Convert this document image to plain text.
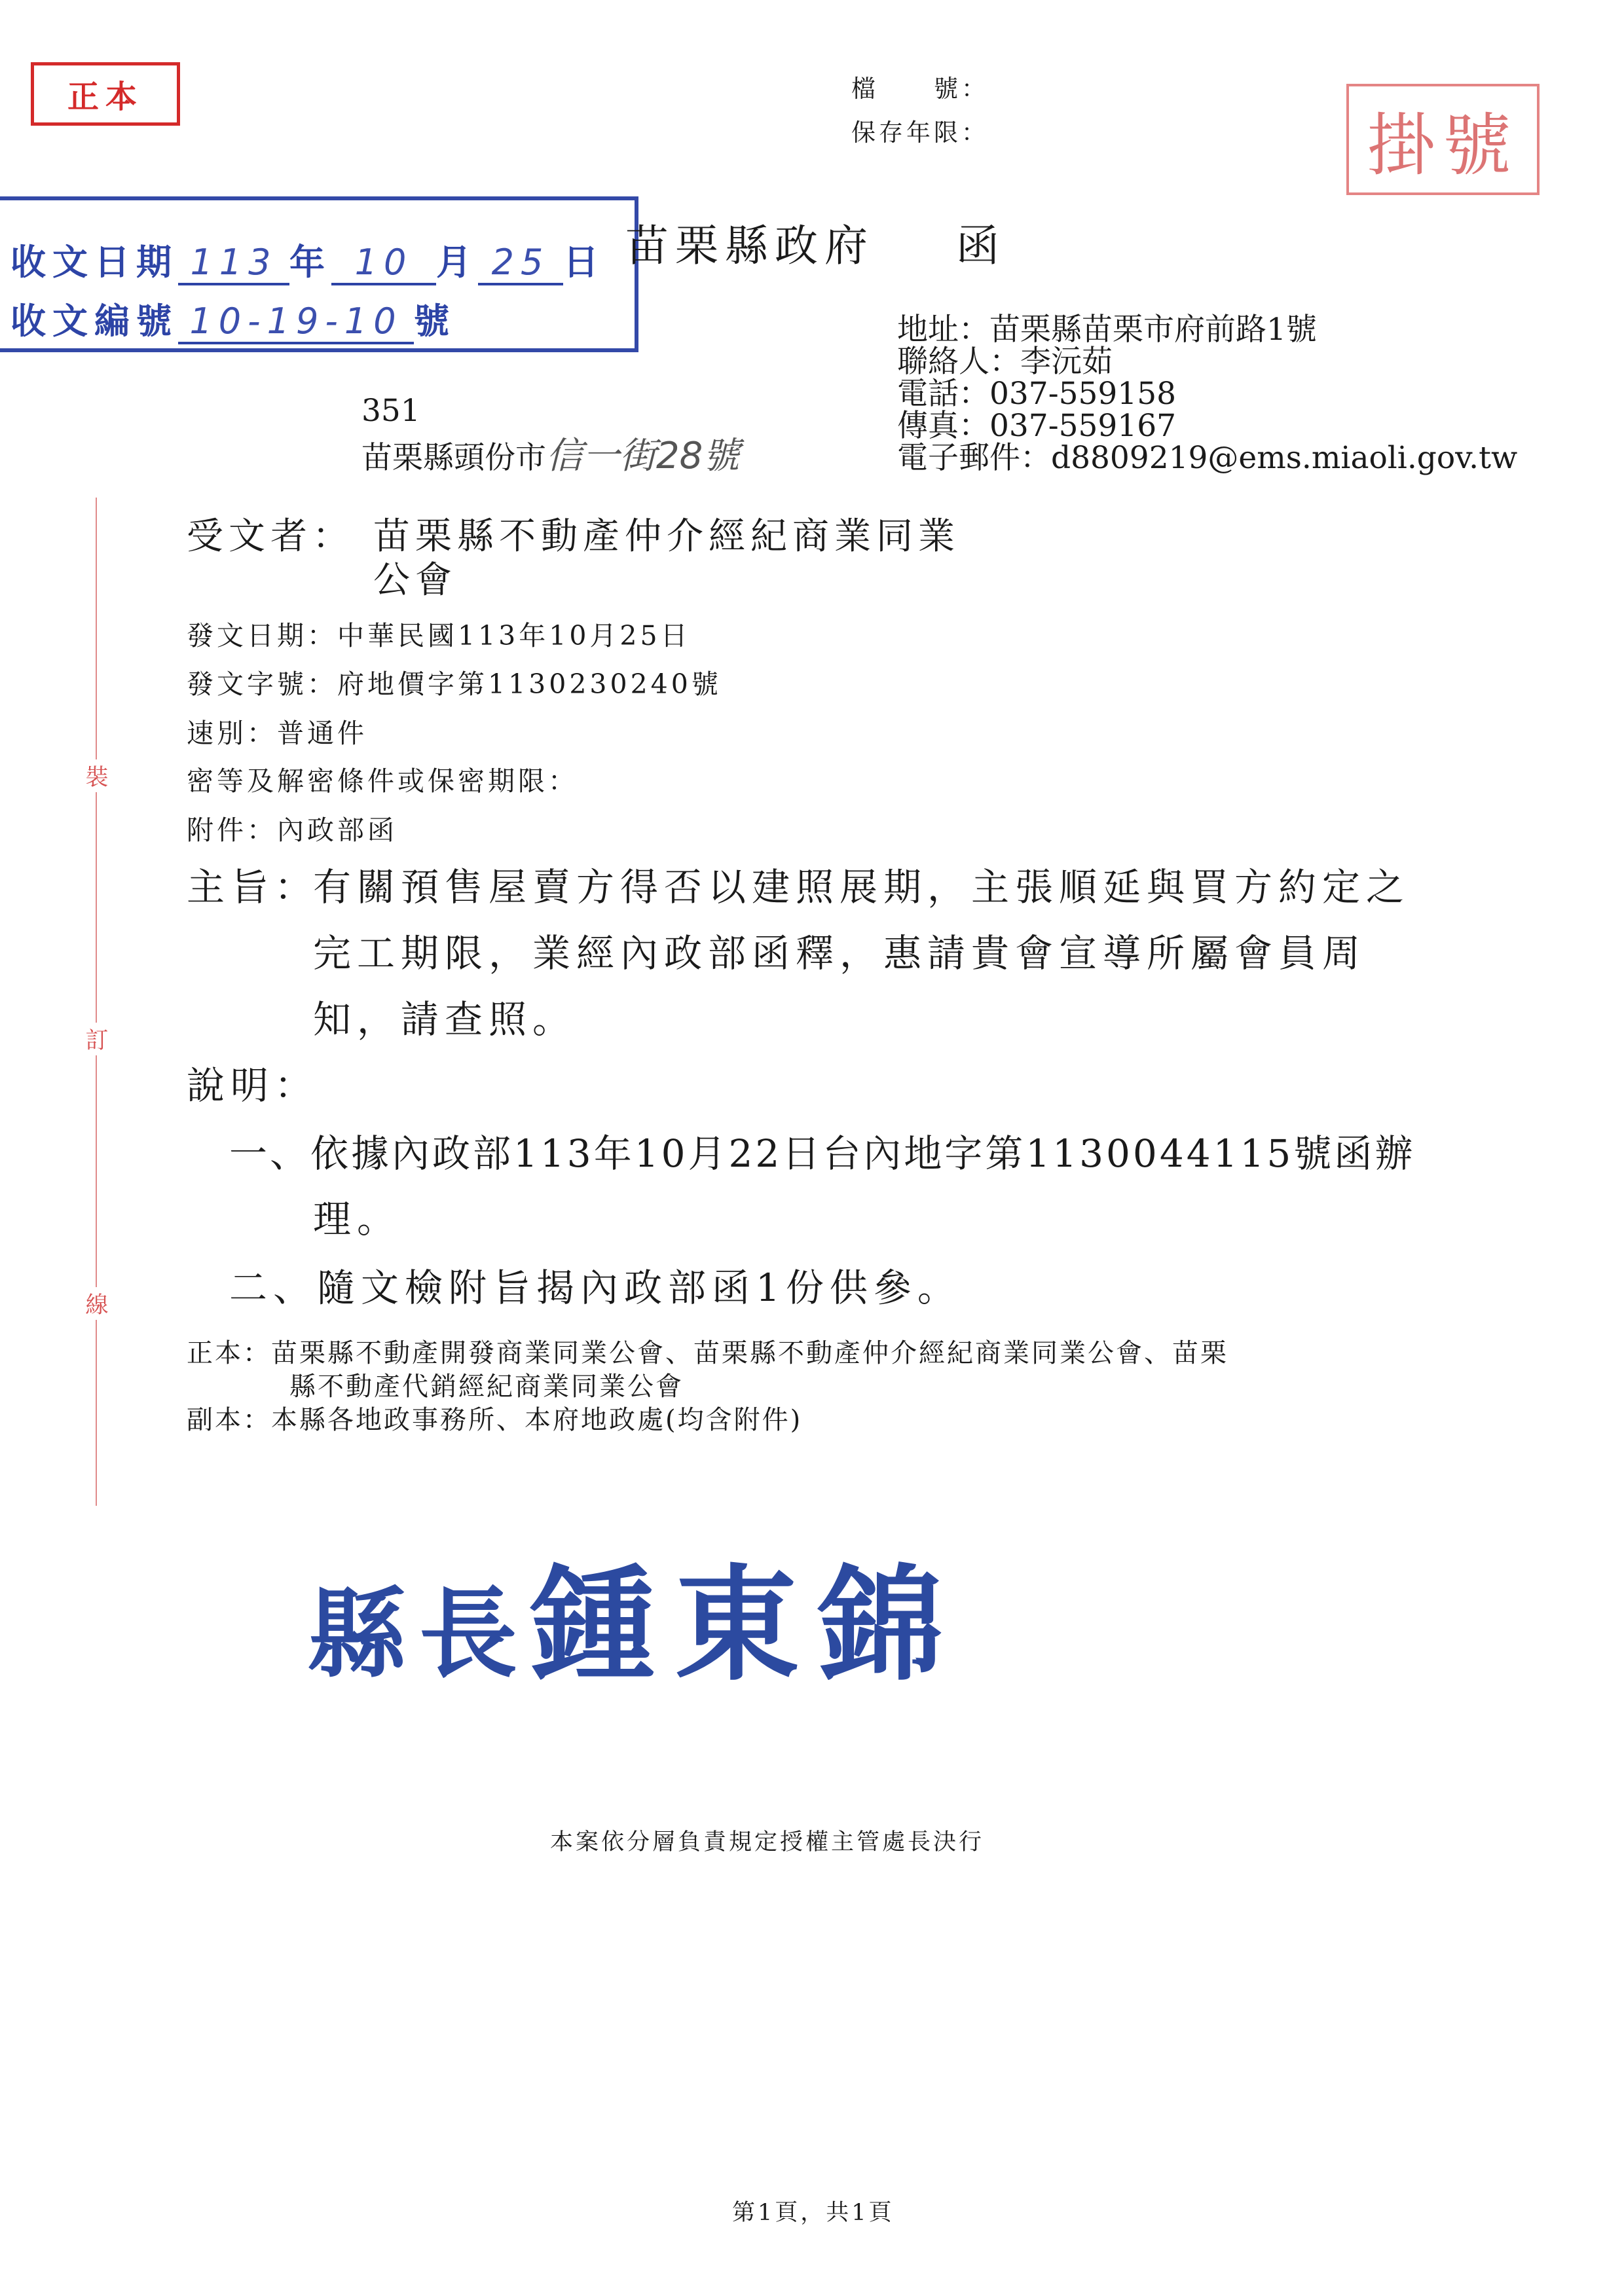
正本
掛號
檔　　號：
保存年限：
收文日期 113 年 10 月 25 日
收文編號 10-19-10 號
苗栗縣政府 函
地址：苗栗縣苗栗市府前路1號
聯絡人：李沅茹
電話：037-559158
傳真：037-559167
電子郵件：d8809219@ems.miaoli.gov.tw
351
苗栗縣頭份市信一街28號
裝
訂
線
受文者： 苗栗縣不動產仲介經紀商業同業
公會
發文日期：中華民國113年10月25日
發文字號：府地價字第1130230240號
速別：普通件
密等及解密條件或保密期限：
附件：內政部函
主旨：
有關預售屋賣方得否以建照展期，主張順延與買方約定之
完工期限，業經內政部函釋，惠請貴會宣導所屬會員周
知，請查照。
說明：
一、依據內政部113年10月22日台內地字第1130044115號函辦
理。
二、隨文檢附旨揭內政部函1份供參。
正本：苗栗縣不動產開發商業同業公會、苗栗縣不動產仲介經紀商業同業公會、苗栗
縣不動產代銷經紀商業同業公會
副本：本縣各地政事務所、本府地政處(均含附件)
縣長鍾東錦
本案依分層負責規定授權主管處長決行
第1頁，共1頁
